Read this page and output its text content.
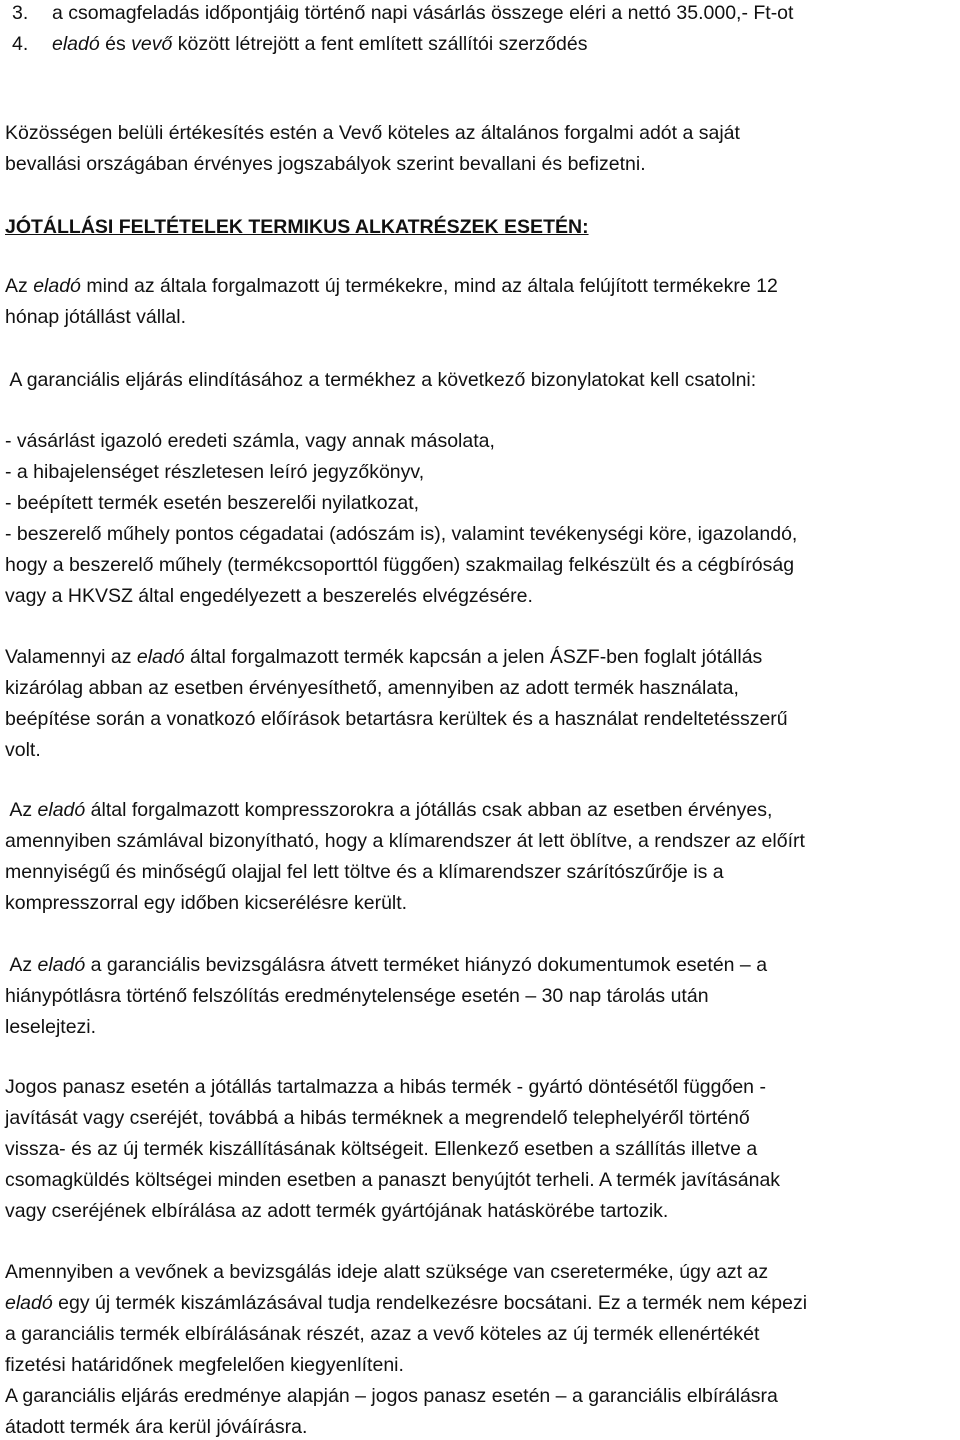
3. a csomagfeladás időpontjáig történő napi vásárlás összege eléri a nettó 35.000,- Ft-ot

4. eladó és vevő között létrejött a fent említett szállítói szerződés

Közösségen belüli értékesítés estén a Vevő köteles az általános forgalmi adót a saját

bevallási országában érvényes jogszabályok szerint bevallani és befizetni.

JÓTÁLLÁSI FELTÉTELEK TERMIKUS ALKATRÉSZEK ESETÉN:

Az eladó mind az általa forgalmazott új termékekre, mind az általa felújított termékekre 12

hónap jótállást vállal.

A garanciális eljárás elindításához a termékhez a következő bizonylatokat kell csatolni:

- vásárlást igazoló eredeti számla, vagy annak másolata,

- a hibajelenséget részletesen leíró jegyzőkönyv,

- beépített termék esetén beszerelői nyilatkozat,

- beszerelő műhely pontos cégadatai (adószám is), valamint tevékenységi köre, igazolandó,

hogy a beszerelő műhely (termékcsoporttól függően) szakmailag felkészült és a cégbíróság

vagy a HKVSZ által engedélyezett a beszerelés elvégzésére.

Valamennyi az eladó által forgalmazott termék kapcsán a jelen ÁSZF-ben foglalt jótállás

kizárólag abban az esetben érvényesíthető, amennyiben az adott termék használata,

beépítése során a vonatkozó előírások betartásra kerültek és a használat rendeltetésszerű

volt.

Az eladó által forgalmazott kompresszorokra a jótállás csak abban az esetben érvényes,

amennyiben számlával bizonyítható, hogy a klímarendszer át lett öblítve, a rendszer az előírt

mennyiségű és minőségű olajjal fel lett töltve és a klímarendszer szárítószűrője is a

kompresszorral egy időben kicserélésre került.

Az eladó a garanciális bevizsgálásra átvett terméket hiányzó dokumentumok esetén – a

hiánypótlásra történő felszólítás eredménytelensége esetén – 30 nap tárolás után

leselejtezi.

Jogos panasz esetén a jótállás tartalmazza a hibás termék - gyártó döntésétől függően -

javítását vagy cseréjét, továbbá a hibás terméknek a megrendelő telephelyéről történő

vissza- és az új termék kiszállításának költségeit. Ellenkező esetben a szállítás illetve a

csomagküldés költségei minden esetben a panaszt benyújtót terheli. A termék javításának

vagy cseréjének elbírálása az adott termék gyártójának hatáskörébe tartozik.

Amennyiben a vevőnek a bevizsgálás ideje alatt szüksége van csereterméke, úgy azt az

eladó egy új termék kiszámlázásával tudja rendelkezésre bocsátani. Ez a termék nem képezi

a garanciális termék elbírálásának részét, azaz a vevő köteles az új termék ellenértékét

fizetési határidőnek megfelelően kiegyenlíteni.

A garanciális eljárás eredménye alapján – jogos panasz esetén – a garanciális elbírálásra

átadott termék ára kerül jóváírásra.
